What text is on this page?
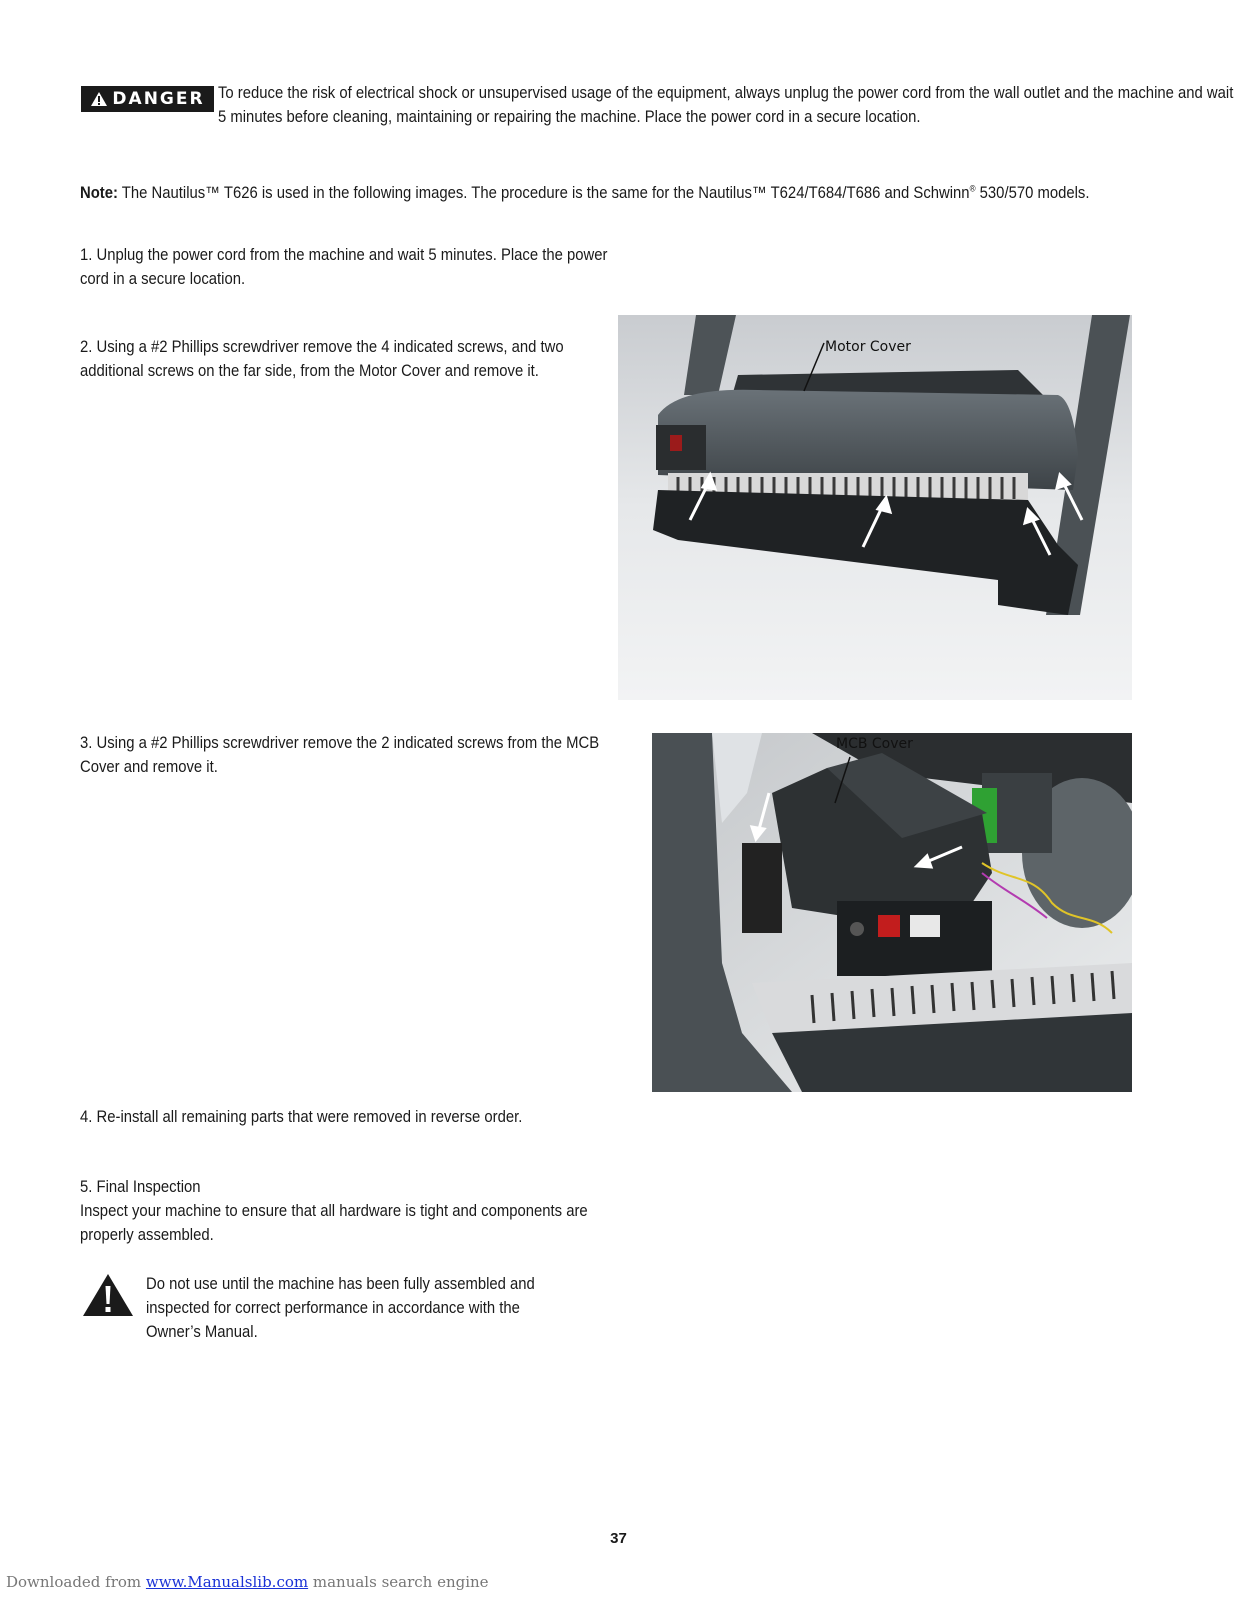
DANGER To reduce the risk of electrical shock or unsupervised usage of the equipment, always unplug the power cord from the wall outlet and the machine and wait 5 minutes before cleaning, maintaining or repairing the machine. Place the power cord in a secure location.
Note: The Nautilus™ T626 is used in the following images. The procedure is the same for the Nautilus™ T624/T684/T686 and Schwinn® 530/570 models.
1. Unplug the power cord from the machine and wait 5 minutes. Place the power cord in a secure location.
2. Using a #2 Phillips screwdriver remove the 4 indicated screws, and two additional screws on the far side, from the Motor Cover and remove it.
3. Using a #2 Phillips screwdriver remove the 2 indicated screws from the MCB Cover and remove it.
4. Re-install all remaining parts that were removed in reverse order.
5. Final Inspection
Inspect your machine to ensure that all hardware is tight and components are properly assembled.
Do not use until the machine has been fully assembled and inspected for correct performance in accordance with the Owner’s Manual.
Motor Cover
MCB Cover
37
Downloaded from www.Manualslib.com manuals search engine
